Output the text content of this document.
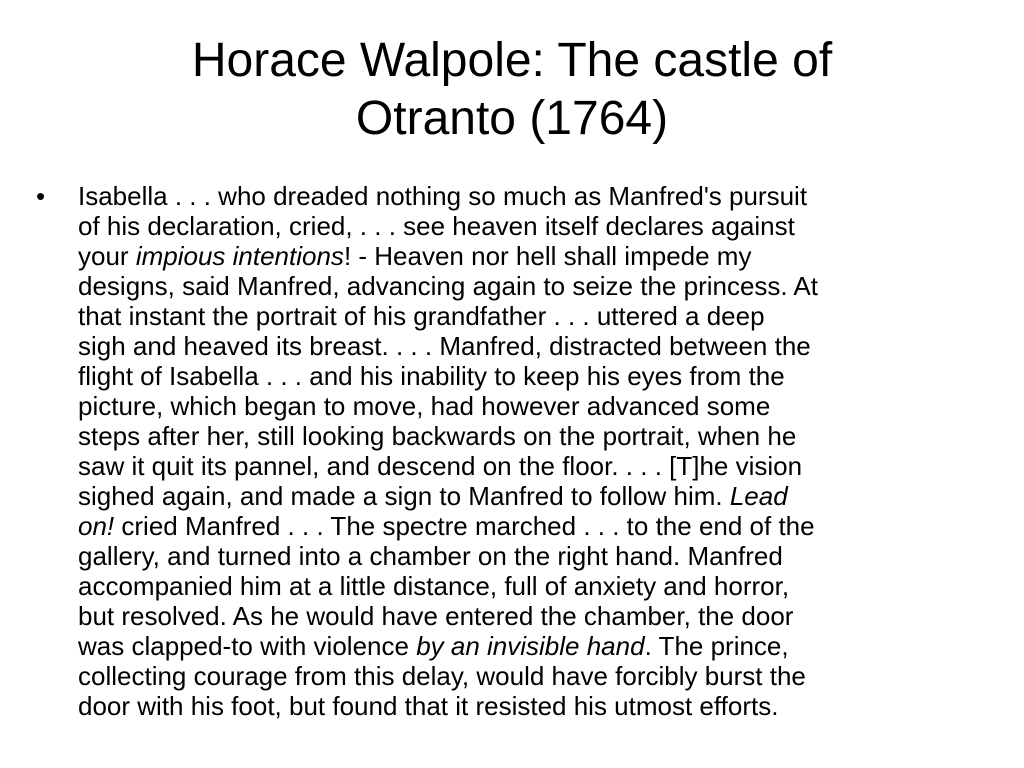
Horace Walpole: The castle of
Otranto (1764)
•	Isabella . . . who dreaded nothing so much as Manfred's pursuit
of his declaration, cried, . . . see heaven itself declares against
your impious intentions! - Heaven nor hell shall impede my
designs, said Manfred, advancing again to seize the princess. At
that instant the portrait of his grandfather . . . uttered a deep
sigh and heaved its breast. . . . Manfred, distracted between the
flight of Isabella . . . and his inability to keep his eyes from the
picture, which began to move, had however advanced some
steps after her, still looking backwards on the portrait, when he
saw it quit its pannel, and descend on the floor. . . . [T]he vision
sighed again, and made a sign to Manfred to follow him. Lead
on! cried Manfred . . . The spectre marched . . . to the end of the
gallery, and turned into a chamber on the right hand. Manfred
accompanied him at a little distance, full of anxiety and horror,
but resolved. As he would have entered the chamber, the door
was clapped-to with violence by an invisible hand. The prince,
collecting courage from this delay, would have forcibly burst the
door with his foot, but found that it resisted his utmost efforts.
